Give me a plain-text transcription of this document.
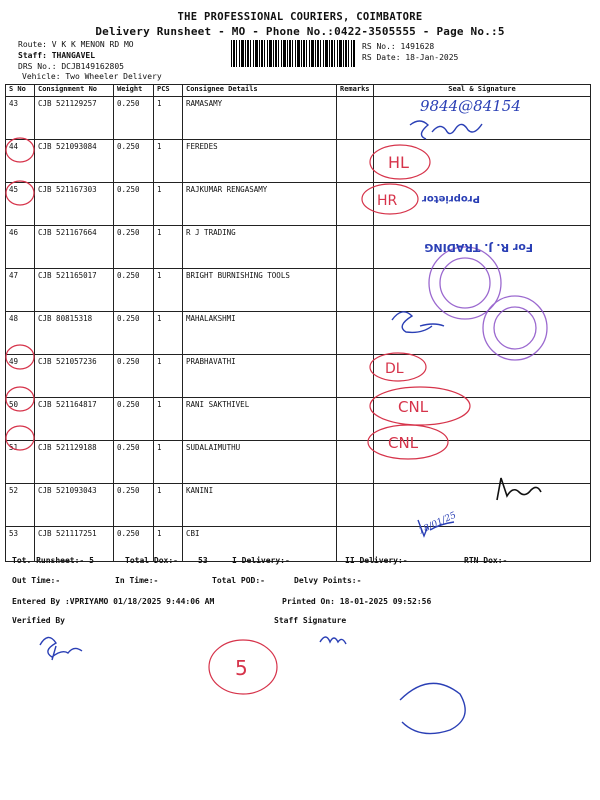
THE PROFESSIONAL COURIERS, COIMBATORE
Delivery Runsheet - MO - Phone No.:0422-3505555 - Page No.:5
Route: V K K MENON RD MO
Staff: THANGAVEL
DRS No.: DCJB149162805
Vehicle: Two Wheeler Delivery
RS No.: 1491628
RS Date: 18-Jan-2025
S No	Consignment No	Weight	PCS	Consignee Details	Remarks	Seal & Signature
43	CJB 521129257	0.250	1	RAMASAMY		
44	CJB 521093084	0.250	1	FEREDES		
45	CJB 521167303	0.250	1	RAJKUMAR RENGASAMY		
46	CJB 521167664	0.250	1	R J TRADING		
47	CJB 521165017	0.250	1	BRIGHT BURNISHING TOOLS		
48	CJB 80815318	0.250	1	MAHALAKSHMI		
49	CJB 521057236	0.250	1	PRABHAVATHI		
50	CJB 521164817	0.250	1	RANI SAKTHIVEL		
51	CJB 521129188	0.250	1	SUDALAIMUTHU		
52	CJB 521093043	0.250	1	KANINI		
53	CJB 521117251	0.250	1	CBI		
Tot. Runsheet:- 5	Total Dox:-	53	I Delivery:-	II Delivery:-	RTN Dox:-
Out Time:-	In Time:-	Total POD:-	Delvy Points:-
Entered By :VPRIYAMO 01/18/2025 9:44:06 AM	Printed On: 18-01-2025 09:52:56
Verified By	Staff Signature
HL
HR
DL
CNL
CNL
5
9844@84154
18/01/25
Proprietor
For R. J. TRADING
